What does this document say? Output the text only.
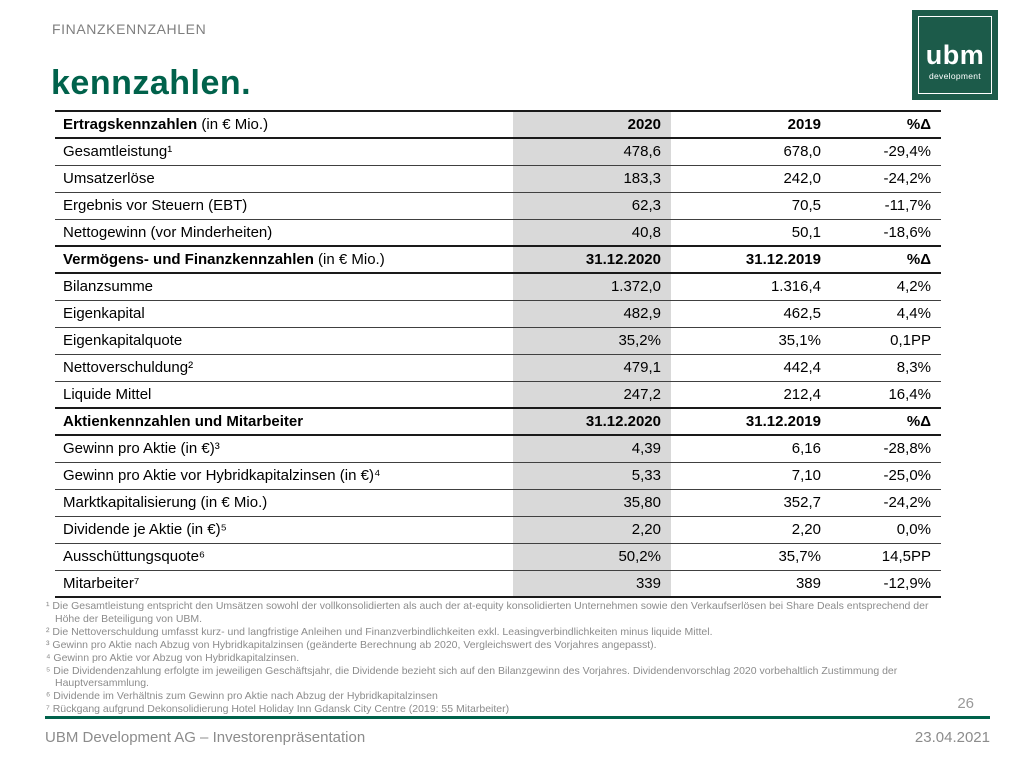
FINANZKENNZAHLEN
ubm
development
kennzahlen.
Ertragskennzahlen (in € Mio.)	2020	2019	%Δ
Gesamtleistung¹	478,6	678,0	-29,4%
Umsatzerlöse	183,3	242,0	-24,2%
Ergebnis vor Steuern (EBT)	62,3	70,5	-11,7%
Nettogewinn (vor Minderheiten)	40,8	50,1	-18,6%
Vermögens- und Finanzkennzahlen (in € Mio.)	31.12.2020	31.12.2019	%Δ
Bilanzsumme	1.372,0	1.316,4	4,2%
Eigenkapital	482,9	462,5	4,4%
Eigenkapitalquote	35,2%	35,1%	0,1PP
Nettoverschuldung²	479,1	442,4	8,3%
Liquide Mittel	247,2	212,4	16,4%
Aktienkennzahlen und Mitarbeiter	31.12.2020	31.12.2019	%Δ
Gewinn pro Aktie (in €)³	4,39	6,16	-28,8%
Gewinn pro Aktie vor Hybridkapitalzinsen (in €)⁴	5,33	7,10	-25,0%
Marktkapitalisierung (in € Mio.)	35,80	352,7	-24,2%
Dividende je Aktie (in €)⁵	2,20	2,20	0,0%
Ausschüttungsquote⁶	50,2%	35,7%	14,5PP
Mitarbeiter⁷	339	389	-12,9%
¹ Die Gesamtleistung entspricht den Umsätzen sowohl der vollkonsolidierten als auch der at-equity konsolidierten Unternehmen sowie den Verkaufserlösen bei Share Deals entsprechend der Höhe der Beteiligung von UBM.
² Die Nettoverschuldung umfasst kurz- und langfristige Anleihen und Finanzverbindlichkeiten exkl. Leasingverbindlichkeiten minus liquide Mittel.
³ Gewinn pro Aktie nach Abzug von Hybridkapitalzinsen (geänderte Berechnung ab 2020, Vergleichswert des Vorjahres angepasst).
⁴ Gewinn pro Aktie vor Abzug von Hybridkapitalzinsen.
⁵ Die Dividendenzahlung erfolgte im jeweiligen Geschäftsjahr, die Dividende bezieht sich auf den Bilanzgewinn des Vorjahres. Dividendenvorschlag 2020 vorbehaltlich Zustimmung der Hauptversammlung.
⁶ Dividende im Verhältnis zum Gewinn pro Aktie nach Abzug der Hybridkapitalzinsen
⁷ Rückgang aufgrund Dekonsolidierung Hotel Holiday Inn Gdansk City Centre (2019: 55 Mitarbeiter)	26
UBM Development AG – Investorenpräsentation	23.04.2021
